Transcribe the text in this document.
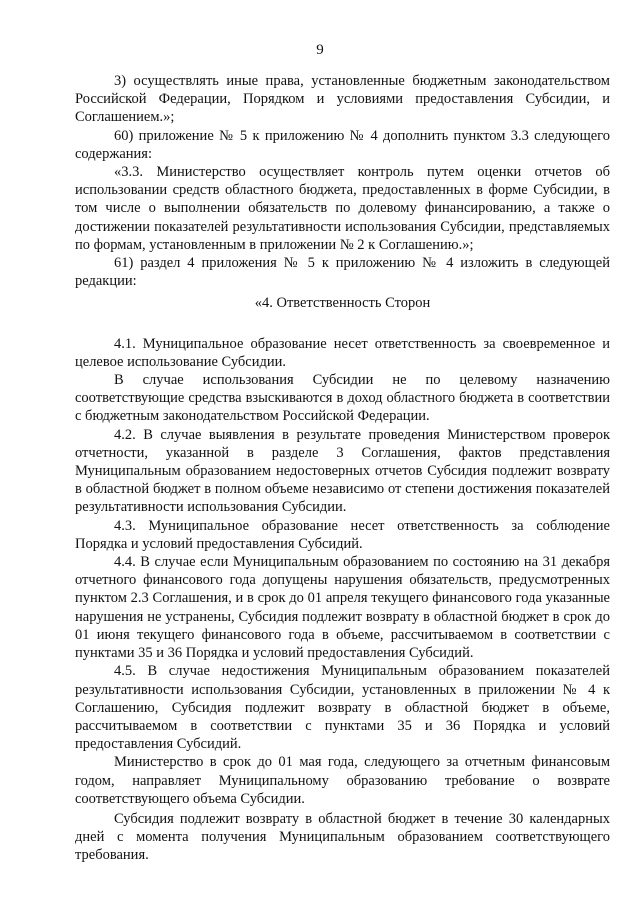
9

3) осуществлять иные права, установленные бюджетным законодательством Российской Федерации, Порядком и условиями предоставления Субсидии, и Соглашением.»;

60) приложение № 5 к приложению № 4 дополнить пунктом 3.3 следующего содержания:

«3.3. Министерство осуществляет контроль путем оценки отчетов об использовании средств областного бюджета, предоставленных в форме Субсидии, в том числе о выполнении обязательств по долевому финансированию, а также о достижении показателей результативности использования Субсидии, представляемых по формам, установленным в приложении № 2 к Соглашению.»;

61) раздел 4 приложения № 5 к приложению № 4 изложить в следующей редакции:

«4. Ответственность Сторон

4.1. Муниципальное образование несет ответственность за своевременное и целевое использование Субсидии.

В случае использования Субсидии не по целевому назначению соответствующие средства взыскиваются в доход областного бюджета в соответствии с бюджетным законодательством Российской Федерации.

4.2. В случае выявления в результате проведения Министерством проверок отчетности, указанной в разделе 3 Соглашения, фактов представления Муниципальным образованием недостоверных отчетов Субсидия подлежит возврату в областной бюджет в полном объеме независимо от степени достижения показателей результативности использования Субсидии.

4.3. Муниципальное образование несет ответственность за соблюдение Порядка и условий предоставления Субсидий.

4.4. В случае если Муниципальным образованием по состоянию на 31 декабря отчетного финансового года допущены нарушения обязательств, предусмотренных пунктом 2.3 Соглашения, и в срок до 01 апреля текущего финансового года указанные нарушения не устранены, Субсидия подлежит возврату в областной бюджет в срок до 01 июня текущего финансового года в объеме, рассчитываемом в соответствии с пунктами 35 и 36 Порядка и условий предоставления Субсидий.

4.5. В случае недостижения Муниципальным образованием показателей результативности использования Субсидии, установленных в приложении № 4 к Соглашению, Субсидия подлежит возврату в областной бюджет в объеме, рассчитываемом в соответствии с пунктами 35 и 36 Порядка и условий предоставления Субсидий.

Министерство в срок до 01 мая года, следующего за отчетным финансовым годом, направляет Муниципальному образованию требование о возврате соответствующего объема Субсидии.

Субсидия подлежит возврату в областной бюджет в течение 30 календарных дней с момента получения Муниципальным образованием соответствующего требования.
